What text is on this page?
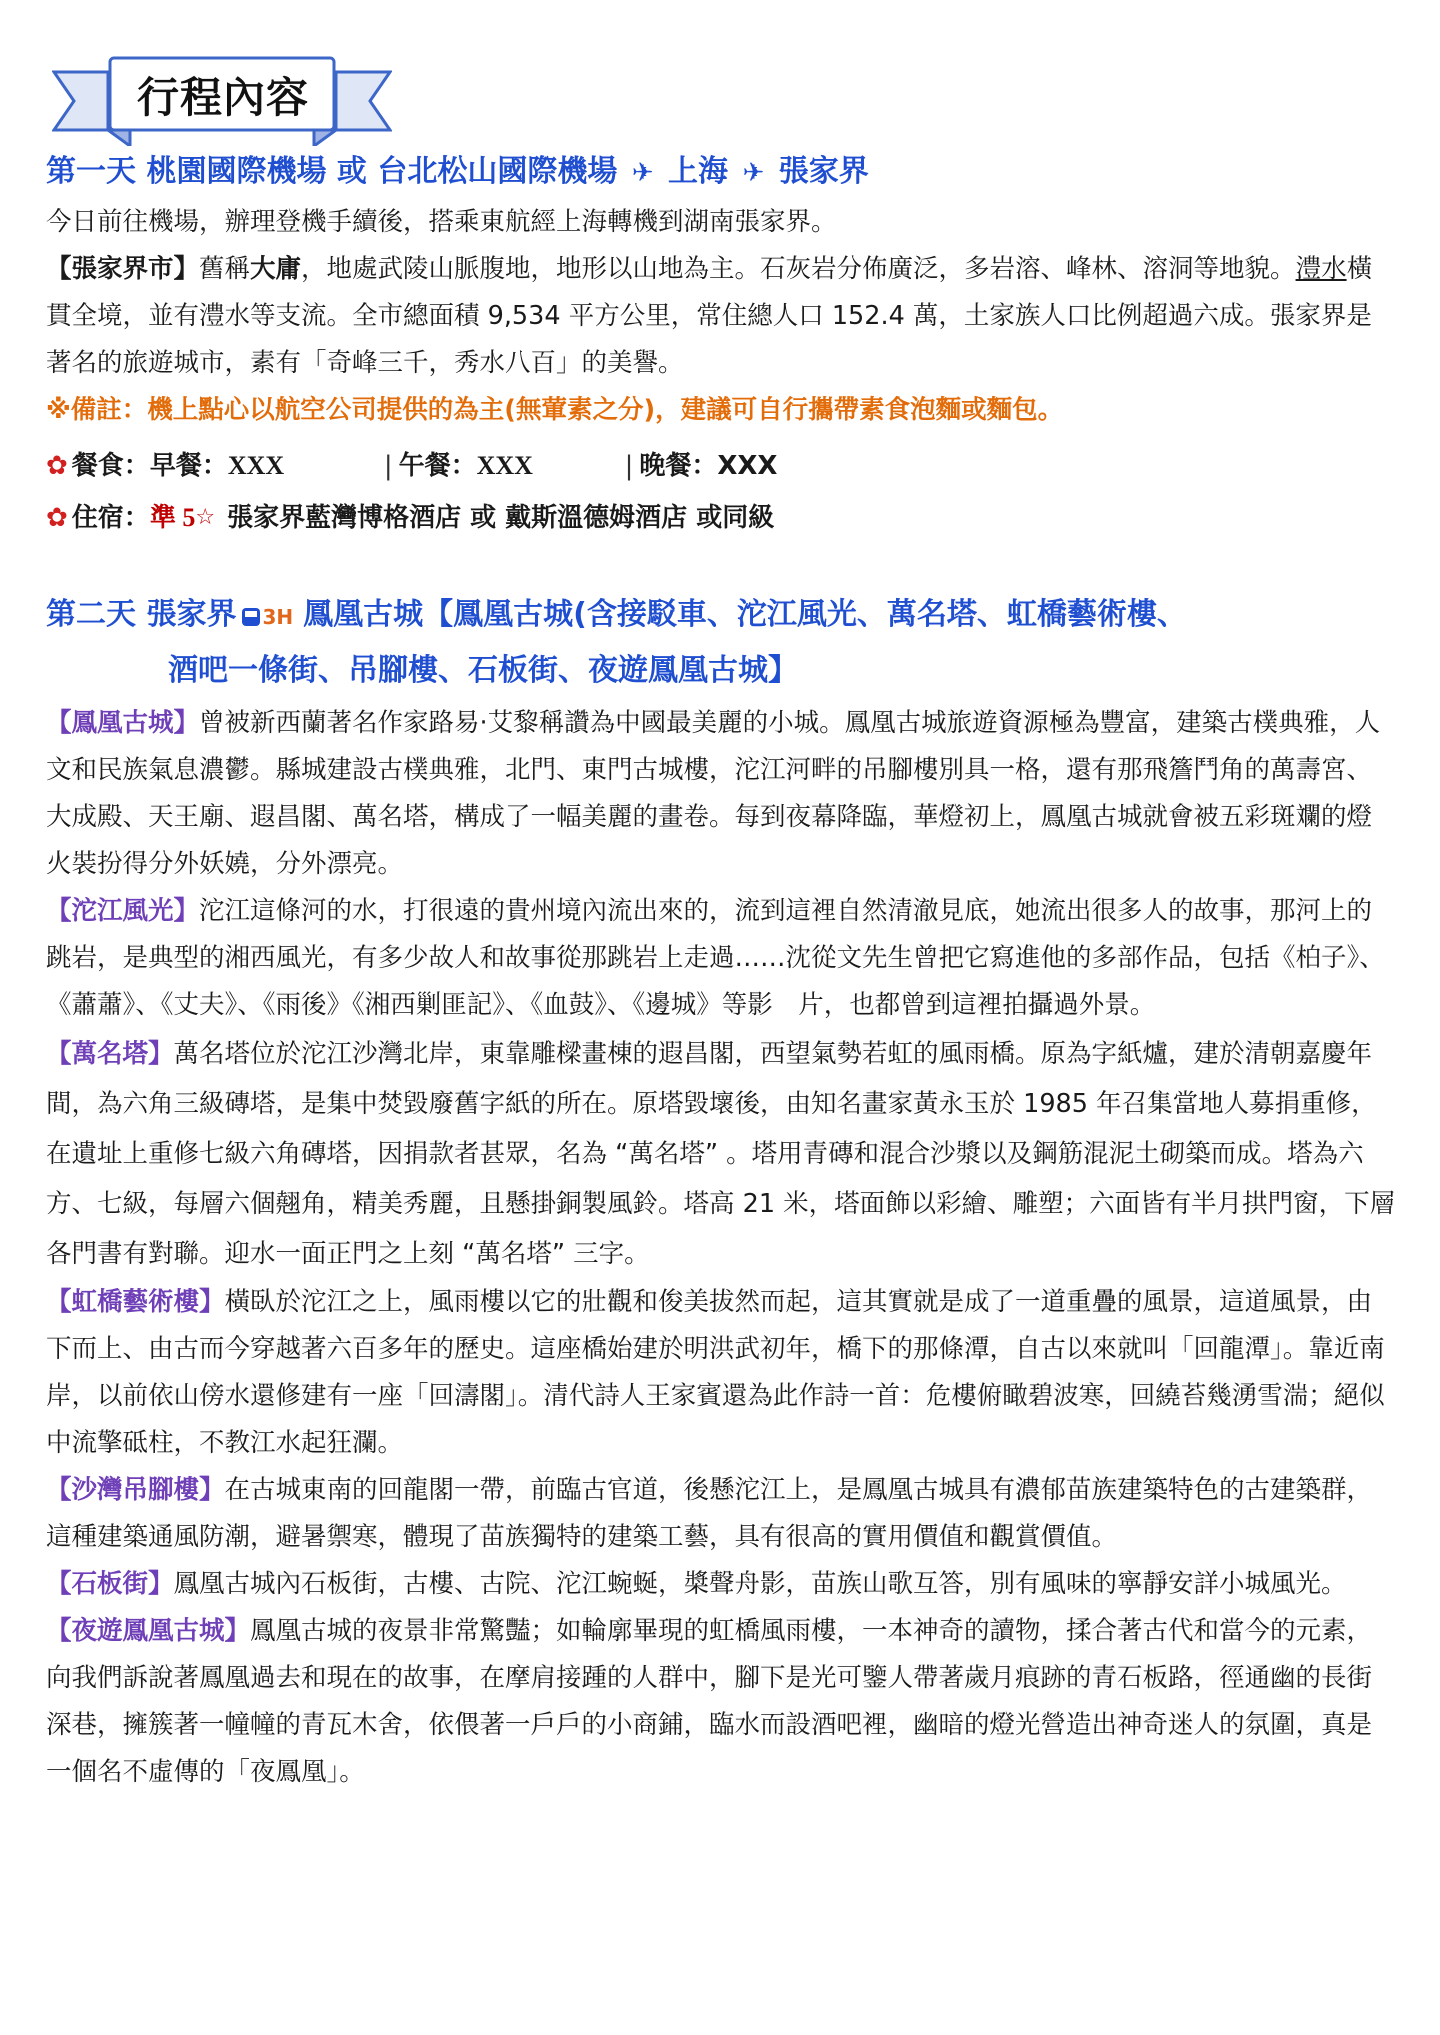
行程內容
第一天 桃園國際機場 或 台北松山國際機場 ✈ 上海 ✈ 張家界

今日前往機場，辦理登機手續後，搭乘東航經上海轉機到湖南張家界。

【張家界市】舊稱大庸，地處武陵山脈腹地，地形以山地為主。石灰岩分佈廣泛，多岩溶、峰林、溶洞等地貌。澧水橫貫全境，並有澧水等支流。全市總面積 9,534 平方公里，常住總人口 152.4 萬，土家族人口比例超過六成。張家界是著名的旅遊城市，素有「奇峰三千，秀水八百」的美譽。

※備註：機上點心以航空公司提供的為主(無葷素之分)，建議可自行攜帶素食泡麵或麵包。
✿ 餐食： 早餐：XXX	| 午餐：XXX	| 晚餐：XXX
✿ 住宿： 準 5 ☆ 張家界藍灣博格酒店 或 戴斯溫德姆酒店 或同級
第二天 張家界 3H 鳳凰古城【鳳凰古城(含接駁車、沱江風光、萬名塔、虹橋藝術樓、
酒吧一條街、吊腳樓、石板街、夜遊鳳凰古城】

【鳳凰古城】曾被新西蘭著名作家路易·艾黎稱讚為中國最美麗的小城。鳳凰古城旅遊資源極為豐富，建築古樸典雅，人文和民族氣息濃鬱。縣城建設古樸典雅，北門、東門古城樓，沱江河畔的吊腳樓別具一格，還有那飛簷鬥角的萬壽宮、大成殿、天王廟、遐昌閣、萬名塔，構成了一幅美麗的畫卷。每到夜幕降臨，華燈初上，鳳凰古城就會被五彩斑斕的燈火裝扮得分外妖嬈，分外漂亮。

【沱江風光】沱江這條河的水，打很遠的貴州境內流出來的，流到這裡自然清澈見底，她流出很多人的故事，那河上的跳岩，是典型的湘西風光，有多少故人和故事從那跳岩上走過……沈從文先生曾把它寫進他的多部作品，包括《柏子》、《蕭蕭》、《丈夫》、《雨後》《湘西剿匪記》、《血鼓》、《邊城》等影　片，也都曾到這裡拍攝過外景。

【萬名塔】萬名塔位於沱江沙灣北岸，東靠雕樑畫棟的遐昌閣，西望氣勢若虹的風雨橋。原為字紙爐，建於清朝嘉慶年間，為六角三級磚塔，是集中焚毀廢舊字紙的所在。原塔毀壞後，由知名畫家黃永玉於 1985 年召集當地人募捐重修，在遺址上重修七級六角磚塔，因捐款者甚眾，名為 “萬名塔” 。塔用青磚和混合沙漿以及鋼筋混泥土砌築而成。塔為六方、七級，每層六個翹角，精美秀麗，且懸掛銅製風鈴。塔高 21 米，塔面飾以彩繪、雕塑；六面皆有半月拱門窗，下層各門書有對聯。迎水一面正門之上刻 “萬名塔” 三字。

【虹橋藝術樓】橫臥於沱江之上，風雨樓以它的壯觀和俊美拔然而起，這其實就是成了一道重疊的風景，這道風景，由下而上、由古而今穿越著六百多年的歷史。這座橋始建於明洪武初年，橋下的那條潭，自古以來就叫「回龍潭」。靠近南岸，以前依山傍水還修建有一座「回濤閣」。清代詩人王家賓還為此作詩一首：危樓俯瞰碧波寒，回繞苔幾湧雪湍；絕似中流擎砥柱，不教江水起狂瀾。

【沙灣吊腳樓】在古城東南的回龍閣一帶，前臨古官道，後懸沱江上，是鳳凰古城具有濃郁苗族建築特色的古建築群，這種建築通風防潮，避暑禦寒，體現了苗族獨特的建築工藝，具有很高的實用價值和觀賞價值。

【石板街】鳳凰古城內石板街，古樓、古院、沱江蜿蜒，槳聲舟影，苗族山歌互答，別有風味的寧靜安詳小城風光。

【夜遊鳳凰古城】鳳凰古城的夜景非常驚豔；如輪廓畢現的虹橋風雨樓，一本神奇的讀物，揉合著古代和當今的元素，向我們訴說著鳳凰過去和現在的故事，在摩肩接踵的人群中，腳下是光可鑒人帶著歲月痕跡的青石板路，徑通幽的長街深巷，擁簇著一幢幢的青瓦木舍，依偎著一戶戶的小商鋪，臨水而設酒吧裡，幽暗的燈光營造出神奇迷人的氛圍，真是一個名不虛傳的「夜鳳凰」。
